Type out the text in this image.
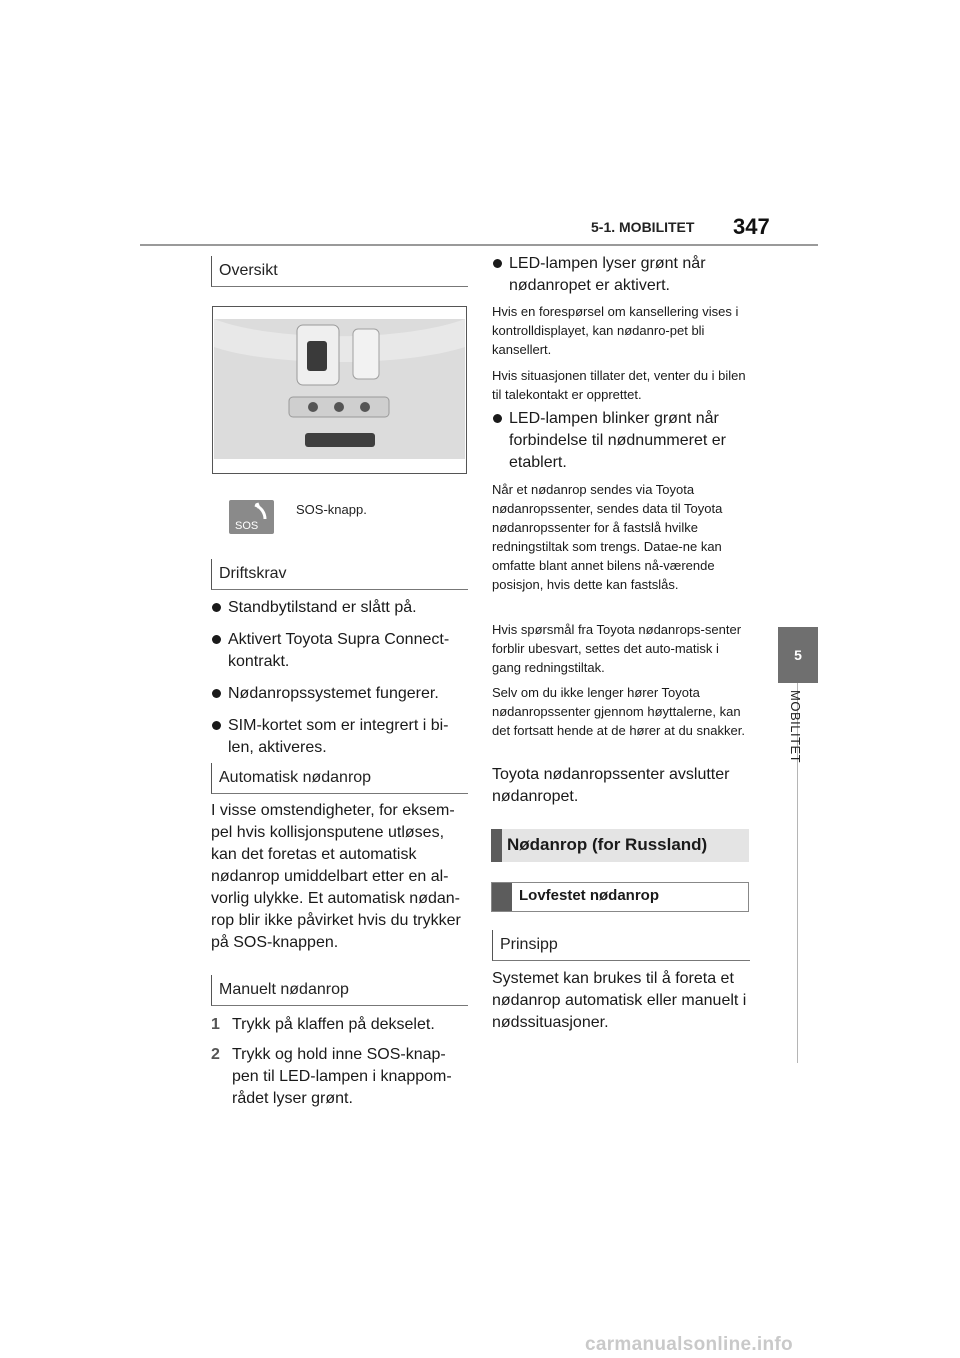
5-1. MOBILITET 347
5
MOBILITET
Oversikt
SOS
SOS-knapp.
Driftskrav
Standbytilstand er slått på.
Aktivert Toyota Supra Connect-kontrakt.
Nødanropssystemet fungerer.
SIM-kortet som er integrert i bi-len, aktiveres.
Automatisk nødanrop
I visse omstendigheter, for eksem-pel hvis kollisjonsputene utløses, kan det foretas et automatisk nødanrop umiddelbart etter en al-vorlig ulykke. Et automatisk nødan-rop blir ikke påvirket hvis du trykker på SOS-knappen.
Manuelt nødanrop
1 Trykk på klaffen på dekselet.
2 Trykk og hold inne SOS-knap-pen til LED-lampen i knappom-rådet lyser grønt.
LED-lampen lyser grønt når nødanropet er aktivert.
Hvis en forespørsel om kansellering vises i kontrolldisplayet, kan nødanro-pet bli kansellert.
Hvis situasjonen tillater det, venter du i bilen til talekontakt er opprettet.
LED-lampen blinker grønt når forbindelse til nødnummeret er etablert.
Når et nødanrop sendes via Toyota nødanropssenter, sendes data til Toyota nødanropssenter for å fastslå hvilke redningstiltak som trengs. Datae-ne kan omfatte blant annet bilens nå-værende posisjon, hvis dette kan fastslås.
Hvis spørsmål fra Toyota nødanrops-senter forblir ubesvart, settes det auto-matisk i gang redningstiltak.
Selv om du ikke lenger hører Toyota nødanropssenter gjennom høyttalerne, kan det fortsatt hende at de hører at du snakker.
Toyota nødanropssenter avslutter nødanropet.
Nødanrop (for Russland)
Lovfestet nødanrop
Prinsipp
Systemet kan brukes til å foreta et nødanrop automatisk eller manuelt i nødssituasjoner.
carmanualsonline.info
